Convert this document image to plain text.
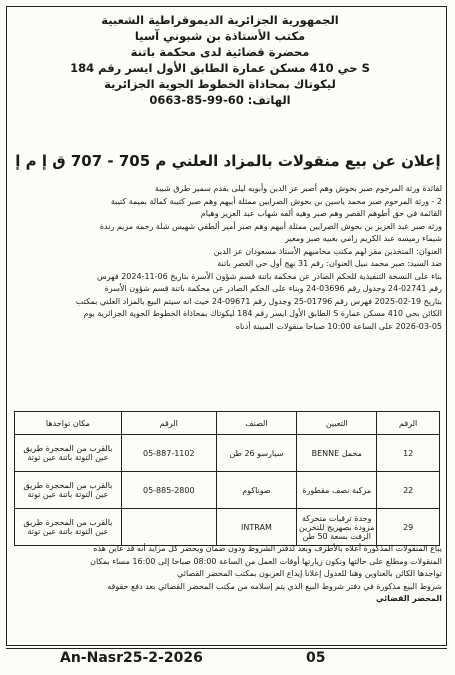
الجمهورية الجزائرية الديموقراطية الشعبية
مكتب الأستاذة بن شبوني آسيا
محضرة قضائية لدى محكمة باتنة
S حي 410 مسكن عمارة الطابق الأول ايسر رقم 184
ليكوتاك بمحاذاة الخطوط الجوية الجزائرية
الهاتف: 60-99-85-0663
إعلان عن بيع منقولات بالمزاد العلني م 705 - 707 ق إ م إ

لفائدة ورثة المرحوم صبر بحوش وهم أصبر عز الدين وأبويه ليلى بقدم سمير طرق شيبة

2 - ورثة المرحوم صبر محمد ياسين بن بحوش الصرايين ممثلة أبيهم وهم صبر كتيبة كمالة بميمة كتيبة

القائمة في حق أطوهم القصر وهم صبر وهيه ألفه شهاب عبد العزيز وهيام

ورثه صبر عبد العزيز بن بحوش الصرايين ممثلة أبيهم وهم صبر أمير ألطفي شهيس شلة رحمه مريم رندة

شيماء رميسه عبد الكريم رامي بعبيه صبر ومعير

العنوان: المتخذين مقر لهم مكتب محاميهم الأستاذ مسعودان عز الدين

ضد السيد: صبر محمد نبيل العنوان: رقم 31 نهج أول حي العصر باتنة

بناء على النسخة التنفيذية للحكم الصادر عن محكمة باتنة قسم شؤون الأسرة بتاريخ 06-11-2024 فهرس

رقم 02741-24 وجدول رقم 03696-24 وبناء على الحكم الصادر عن محكمة باتنة قسم شؤون الأسرة

بتاريخ 19-02-2025 فهرس رقم 01796-25 وجدول رقم 09671-24 حيث انه سيتم البيع بالمزاد العلني بمكتب

الكائن بحي 410 مسكن عمارة S الطابق الأول ايسر رقم 184 ليكوتاك بمحاذاة الخطوط الجوية الجزائرية يوم

2026-03-05 على الساعة 10:00 صباحا منقولات المبينة أدناه

الرقم	التعيين	الصنف	الرقم	مكان تواجدها
12	محمل BENNE	سيارسو 26 طن	05-887-1102	بالقرب من المحجرة طريق عين التوتة باتنة عين توتة
22	مركبة نصف مقطورة	صوناكوم	05-885-2800	بالقرب من المحجرة طريق عين التوتة باتنة عين توتة
29	وحدة ترقيات متحركة مزودة بصهريج للتخزين الزفت بسعة 50 طن	INTRAM		بالقرب من المحجرة طريق عين التوتة باتنة عين توتة

يباع المنقولات المذكورة أعلاه بالأطرف وبعد لدفتر الشروط ودون ضمان ويحضر كل مزايد أنه قد عاين هذه

المنقولات ومطلع على حالتها ونكون زيارتها أوقات العمل من الساعة 08:00 صباحا إلى 16:00 مساء بمكان

تواجدها الكائن بالعناوين وهنا للعدول إعلانا إيداع العربون بمكتب المحضر القضائي

شروط البيع مذكورة في دفتر شروط البيع الذي يتم إسلامه من مكتب المحضر القضائي بعد دفع حقوقه

المحضر القضائي

An-Nasr25-2-2026	05
